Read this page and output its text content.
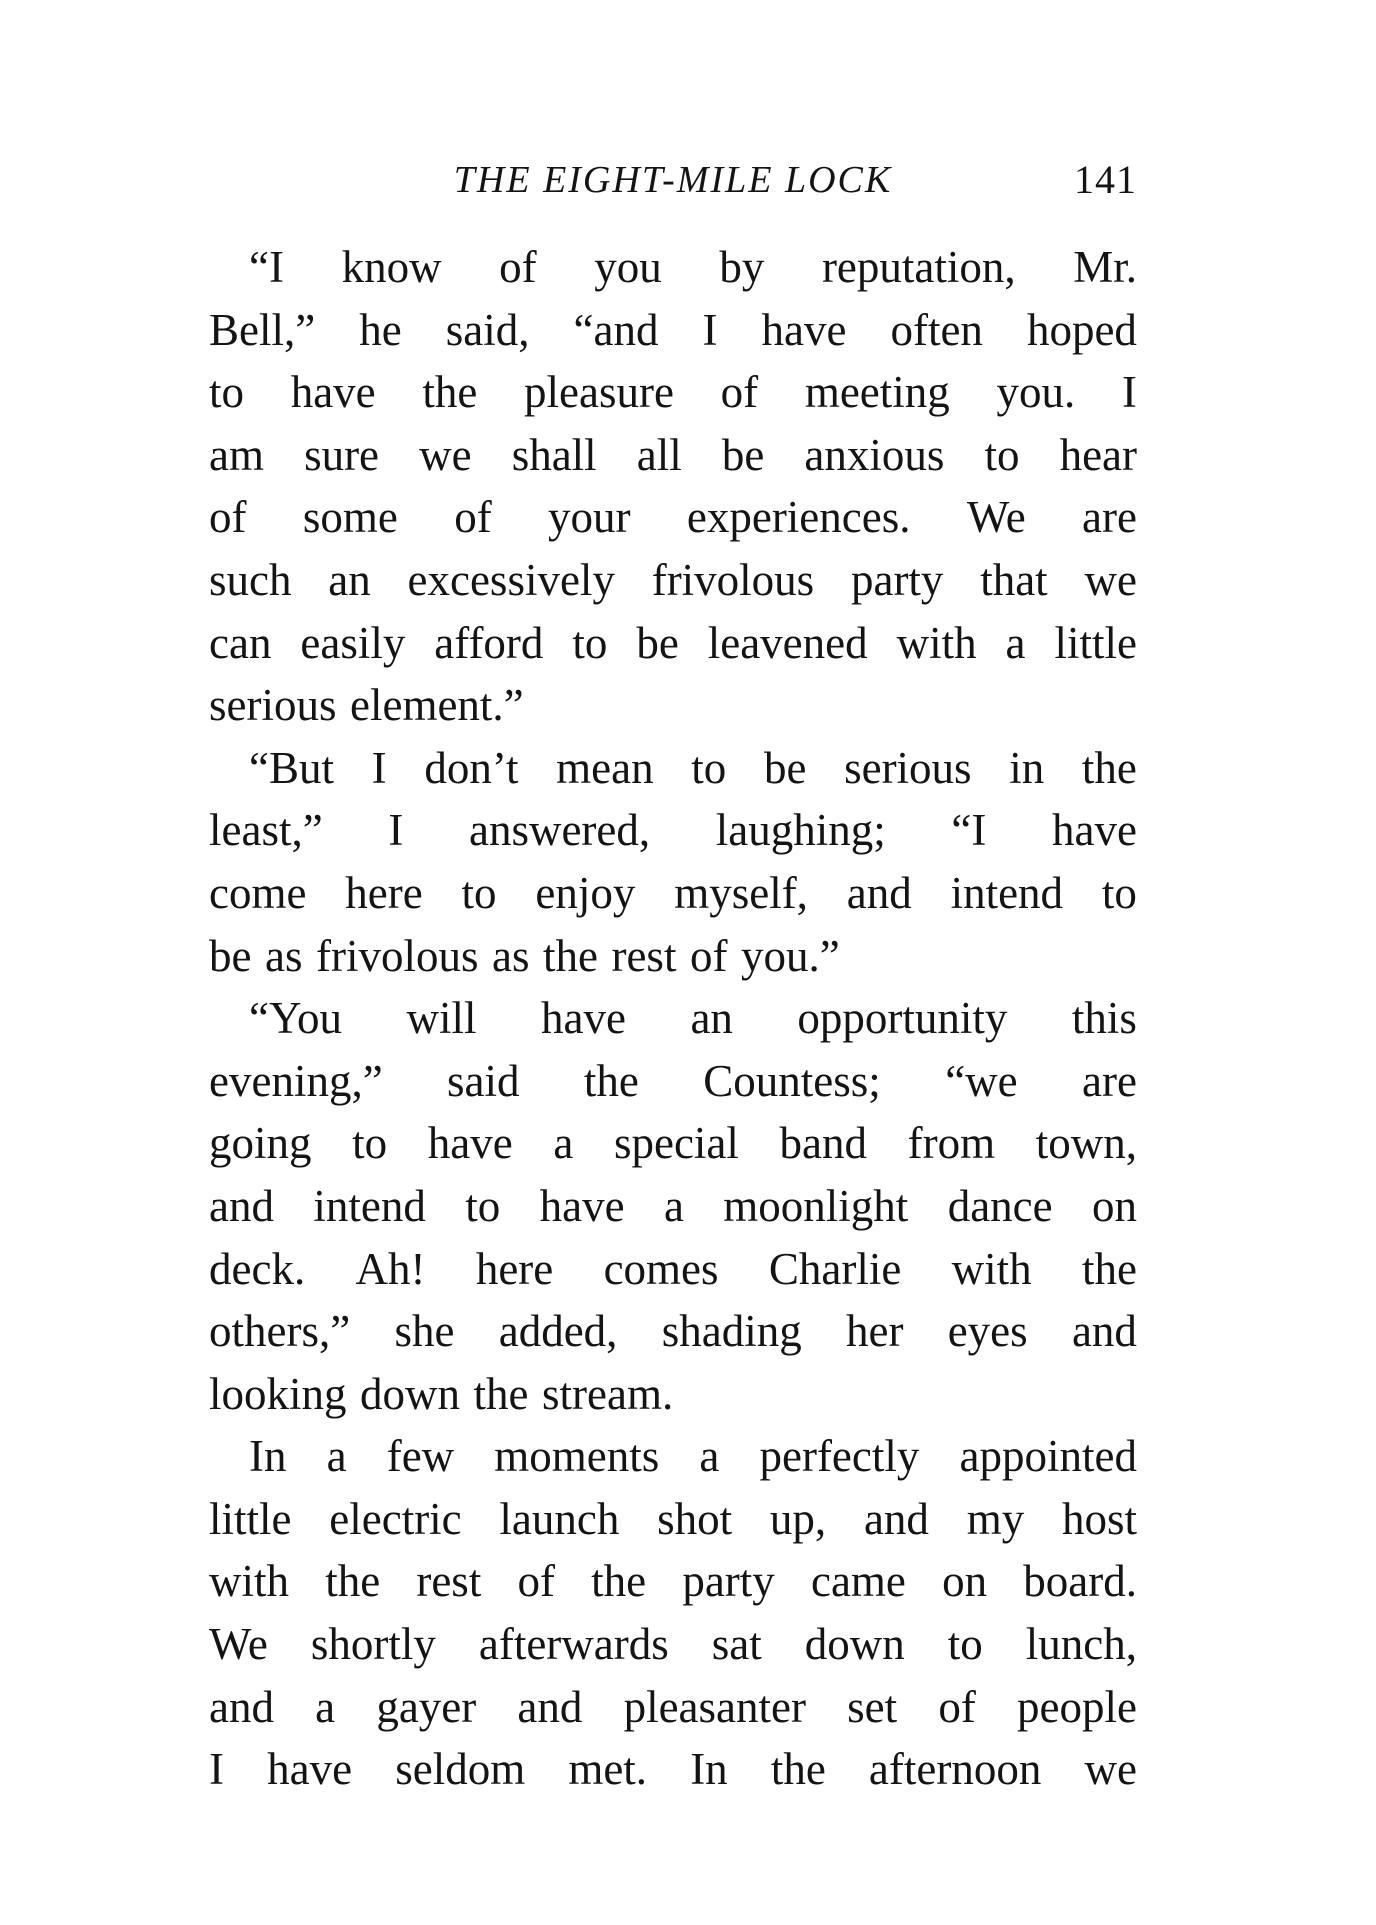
THE EIGHT-MILE LOCK	141
“I know of you by reputation, Mr.
Bell,” he said, “and I have often hoped
to have the pleasure of meeting you. I
am sure we shall all be anxious to hear
of some of your experiences. We are
such an excessively frivolous party that we
can easily afford to be leavened with a little
serious element.”
“But I don’t mean to be serious in the
least,” I answered, laughing; “I have
come here to enjoy myself, and intend to
be as frivolous as the rest of you.”
“You will have an opportunity this
evening,” said the Countess; “we are
going to have a special band from town,
and intend to have a moonlight dance on
deck. Ah! here comes Charlie with the
others,” she added, shading her eyes and
looking down the stream.
In a few moments a perfectly appointed
little electric launch shot up, and my host
with the rest of the party came on board.
We shortly afterwards sat down to lunch,
and a gayer and pleasanter set of people
I have seldom met. In the afternoon we
